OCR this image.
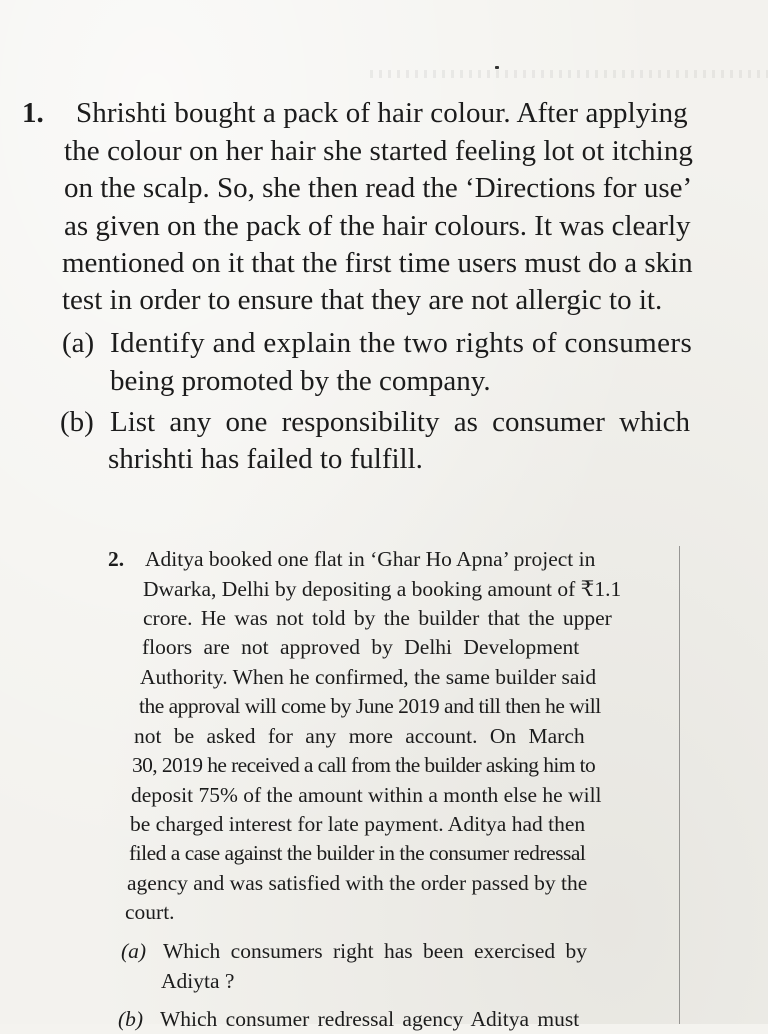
1. Shrishti bought a pack of hair colour. After applying
the colour on her hair she started feeling lot ot itching
on the scalp. So, she then read the ‘Directions for use’
as given on the pack of the hair colours. It was clearly
mentioned on it that the first time users must do a skin
test in order to ensure that they are not allergic to it.
(a) Identify and explain the two rights of consumers
being promoted by the company.
(b) List any one responsibility as consumer which
shrishti has failed to fulfill.
2. Aditya booked one flat in ‘Ghar Ho Apna’ project in
Dwarka, Delhi by depositing a booking amount of ₹1.1
crore. He was not told by the builder that the upper
floors are not approved by Delhi Development
Authority. When he confirmed, the same builder said
the approval will come by June 2019 and till then he will
not be asked for any more account. On March
30, 2019 he received a call from the builder asking him to
deposit 75% of the amount within a month else he will
be charged interest for late payment. Aditya had then
filed a case against the builder in the consumer redressal
agency and was satisfied with the order passed by the
court.
(a) Which consumers right has been exercised by
Adiyta ?
(b) Which consumer redressal agency Aditya must
